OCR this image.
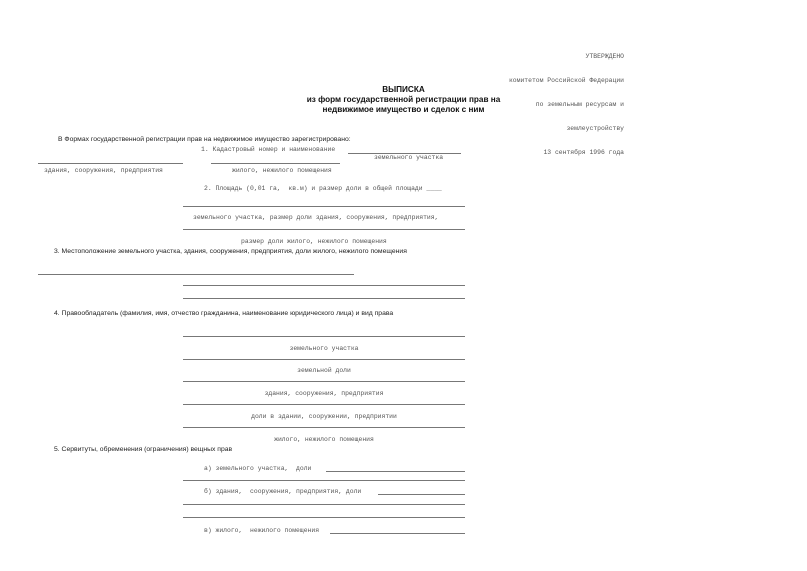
УТВЕРЖДЕНО

комитетом Российской Федерации

по земельным ресурсам и

землеустройству

13 сентября 1996 года

ВЫПИСКА
из форм государственной регистрации прав на
недвижимое имущество и сделок с ним
В Формах государственной регистрации прав на недвижимое имущество зарегистрировано:
1. Кадастровый номер и наименование
земельного участка
здания, сооружения, предприятия	жилого, нежилого помещения
2. Площадь (0,01 га,  кв.м) и размер доли в общей площади ____
земельного участка, размер доли здания, сооружения, предприятия,
размер доли жилого, нежилого помещения
3. Местоположение земельного участка, здания, сооружения, предприятия, доли жилого, нежилого помещения
4. Правообладатель (фамилия, имя, отчество гражданина, наименование юридического лица) и вид права
земельного участка
земельной доли
здания, сооружения, предприятия
доли в здании, сооружении, предприятии
жилого, нежилого помещения
5. Сервитуты, обременения (ограничения) вещных прав
а) земельного участка,  доли
б) здания,  сооружения, предприятия, доли
в) жилого,  нежилого помещения
